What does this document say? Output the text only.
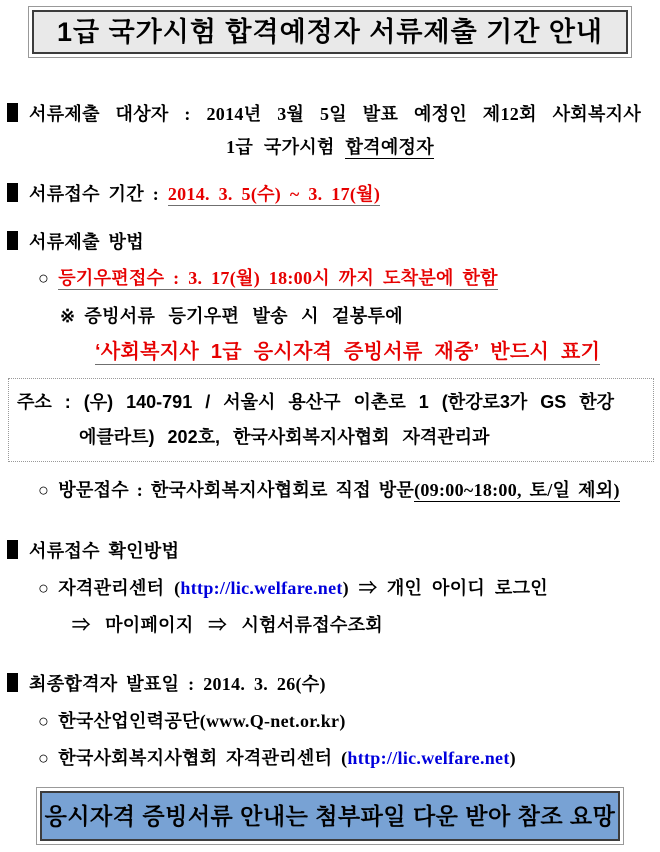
1급 국가시험 합격예정자 서류제출 기간 안내
서류제출 대상자 : 2014년 3월 5일 발표 예정인 제12회 사회복지사
1급 국가시험 합격예정자
서류접수 기간 : 2014. 3. 5(수) ~ 3. 17(월)
서류제출 방법
○ 등기우편접수 : 3. 17(월) 18:00시 까지 도착분에 한함
※ 증빙서류 등기우편 발송 시 겉봉투에
‘사회복지사 1급 응시자격 증빙서류 재중’ 반드시 표기
주소 : (우) 140-791 / 서울시 용산구 이촌로 1 (한강로3가 GS 한강
에클라트) 202호, 한국사회복지사협회 자격관리과
○ 방문접수 : 한국사회복지사협회로 직접 방문(09:00~18:00, 토/일 제외)
서류접수 확인방법
○ 자격관리센터 (http://lic.welfare.net) ⇒ 개인 아이디 로그인
⇒ 마이페이지 ⇒ 시험서류접수조회
최종합격자 발표일 : 2014. 3. 26(수)
○ 한국산업인력공단(www.Q-net.or.kr)
○ 한국사회복지사협회 자격관리센터 (http://lic.welfare.net)
응시자격 증빙서류 안내는 첨부파일 다운 받아 참조 요망
